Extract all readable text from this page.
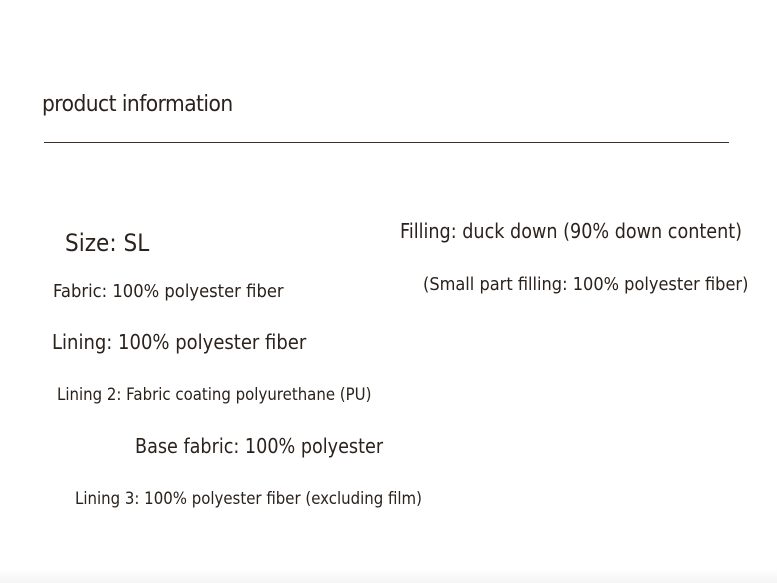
product information
Size: SL	Filling: duck down (90% down content)
(Small part filling: 100% polyester fiber)
Fabric: 100% polyester fiber
Lining: 100% polyester fiber
Lining 2: Fabric coating polyurethane (PU)
Base fabric: 100% polyester
Lining 3: 100% polyester fiber (excluding film)
